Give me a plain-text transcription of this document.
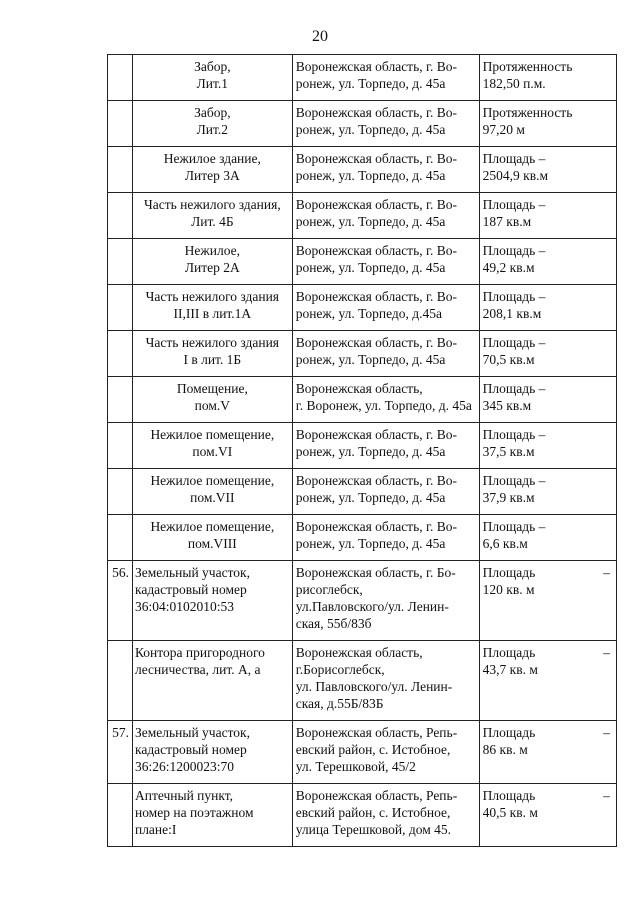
20

	Забор,
Лит.1	Воронежская область, г. Во-
ронеж, ул. Торпедо, д. 45а	Протяженность
182,50 п.м.

	Забор,
Лит.2	Воронежская область, г. Во-
ронеж, ул. Торпедо, д. 45а	Протяженность
97,20 м

	Нежилое здание,
Литер 3А	Воронежская область, г. Во-
ронеж, ул. Торпедо, д. 45а	Площадь –
2504,9 кв.м

	Часть нежилого здания,
Лит. 4Б	Воронежская область, г. Во-
ронеж, ул. Торпедо, д. 45а	Площадь –
187 кв.м

	Нежилое,
Литер 2А	Воронежская область, г. Во-
ронеж, ул. Торпедо, д. 45а	Площадь –
49,2 кв.м

	Часть нежилого здания
II,III в лит.1А	Воронежская область, г. Во-
ронеж, ул. Торпедо, д.45а	Площадь –
208,1 кв.м

	Часть нежилого здания
I в лит. 1Б	Воронежская область, г. Во-
ронеж, ул. Торпедо, д. 45а	Площадь –
70,5 кв.м

	Помещение,
пом.V	Воронежская область,
г. Воронеж, ул. Торпедо, д. 45а	Площадь –
345 кв.м

	Нежилое помещение,
пом.VI	Воронежская область, г. Во-
ронеж, ул. Торпедо, д. 45а	Площадь –
37,5 кв.м

	Нежилое помещение,
пом.VII	Воронежская область, г. Во-
ронеж, ул. Торпедо, д. 45а	Площадь –
37,9 кв.м

	Нежилое помещение,
пом.VIII	Воронежская область, г. Во-
ронеж, ул. Торпедо, д. 45а	Площадь –
6,6 кв.м

56.	Земельный участок,
кадастровый номер
36:04:0102010:53	Воронежская область, г. Бо-
рисоглебск,
ул.Павловского/ул. Ленин-
ская, 55б/83б	Площадь
120 кв. м
–

	Контора пригородного
лесничества, лит. А, а	Воронежская область,
г.Борисоглебск,
ул. Павловского/ул. Ленин-
ская, д.55Б/83Б	Площадь
43,7 кв. м
–

57.	Земельный участок,
кадастровый номер
36:26:1200023:70	Воронежская область, Репь-
евский район, с. Истобное,
ул. Терешковой, 45/2	Площадь
86 кв. м
–

	Аптечный пункт,
номер на поэтажном
плане:I	Воронежская область, Репь-
евский район, с. Истобное,
улица Терешковой, дом 45.	Площадь
40,5 кв. м
–
